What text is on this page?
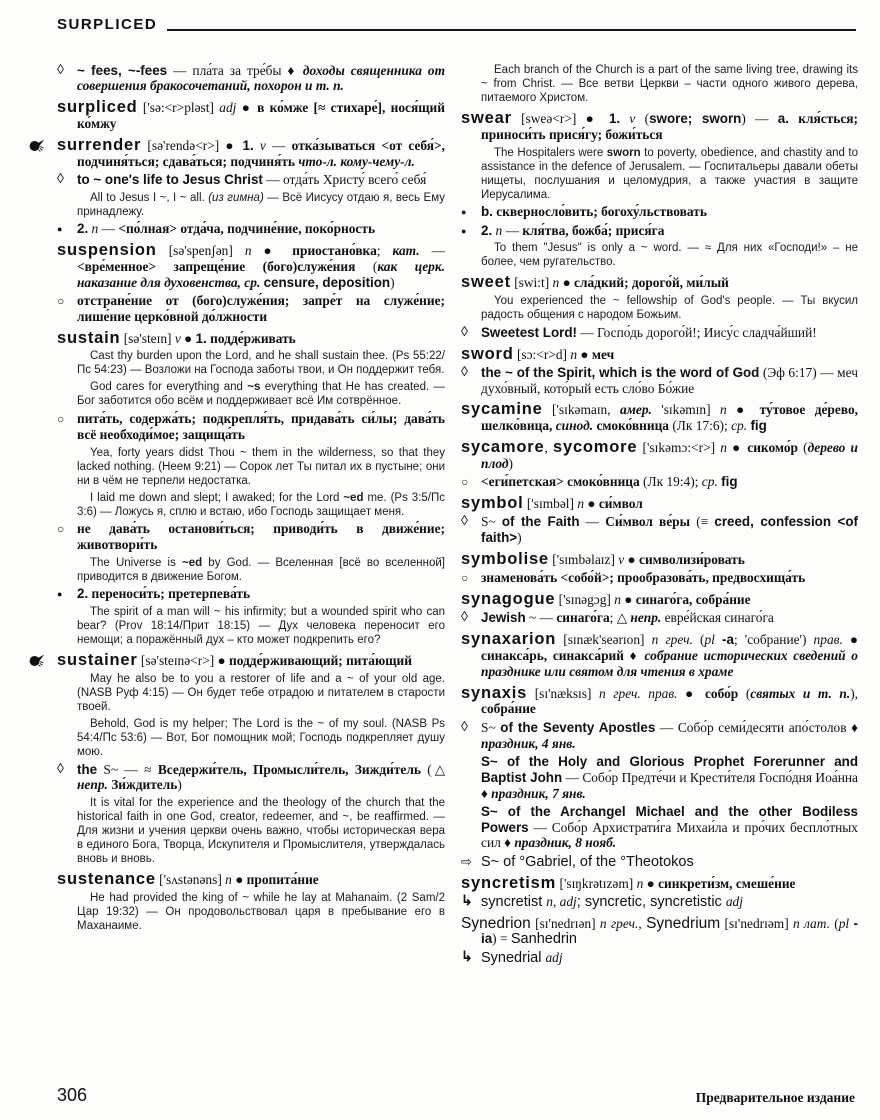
SURPLICED
◊ ~ fees, ~-fees — пла́та за тре́бы ♦ доходы священника от совершения бракосочетаний, похорон и т. п.
surpliced ['sə:<r>pləst] adj ● в ко́мже [≈ стихаре́], нося́щий ко́мжу
surrender [sə'rendə<r>] ● 1. v — отка́зываться <от себя́>, подчиня́ться; сдава́ться; подчиня́ть что-л. кому-чему-л.
◊ to ~ one's life to Jesus Christ — отда́ть Христу́ всего́ себя́
All to Jesus I ~, I ~ all. (из гимна) — Всё Иисусу отдаю я, весь Ему принадлежу.
● 2. n — <по́лная> отда́ча, подчине́ние, поко́рность
suspension [sə'spenʃən] n ● приостано́вка; кат. — <вре́менное> запреще́ние (бого)служе́ния (как церк. наказание для духовенства, ср. censure, deposition)
○ отстране́ние от (бого)служе́ния; запре́т на служе́ние; лише́ние церко́вной до́лжности
sustain [sə'steɪn] v ● 1. подде́рживать
Cast thy burden upon the Lord, and he shall sustain thee. (Ps 55:22/Пс 54:23) — Возложи на Господа заботы твои, и Он поддержит тебя.
God cares for everything and ~s everything that He has created. — Бог заботится обо всём и поддерживает всё Им сотврённое.
○ пита́ть, содержа́ть; подкрепля́ть, придава́ть си́лы; дава́ть всё необходи́мое; защища́ть
Yea, forty years didst Thou ~ them in the wilderness, so that they lacked nothing. (Неем 9:21) — Сорок лет Ты питал их в пустыне; они ни в чём не терпели недостатка.
I laid me down and slept; I awaked; for the Lord ~ed me. (Ps 3:5/Пс 3:6) — Ложусь я, сплю и встаю, ибо Господь защищает меня.
○ не дава́ть останови́ться; приводи́ть в движе́ние; животвори́ть
The Universe is ~ed by God. — Вселенная [всё во вселенной] приводится в движение Богом.
● 2. переноси́ть; претерпева́ть
The spirit of a man will ~ his infirmity; but a wounded spirit who can bear? (Prov 18:14/Прит 18:15) — Дух человека переносит его немощи; а поражённый дух – кто может подкрепить его?
sustainer [sə'steɪnə<r>] ● подде́рживающий; пита́ющий
May he also be to you a restorer of life and a ~ of your old age. (NASB Руф 4:15) — Он будет тебе отрадою и питателем в старости твоей.
Behold, God is my helper; The Lord is the ~ of my soul. (NASB Ps 54:4/Пс 53:6) — Вот, Бог помощник мой; Господь подкрепляет душу мою.
◊ the S~ — ≈ Вседержи́тель, Промысли́тель, Зижди́тель (△ непр. Зи́ждитель)
It is vital for the experience and the theology of the church that the historical faith in one God, creator, redeemer, and ~, be reaffirmed. — Для жизни и учения церкви очень важно, чтобы историческая вера в единого Бога, Творца, Искупителя и Промыслителя, утверждалась вновь и вновь.
sustenance ['sʌstənəns] n ● пропита́ние
He had provided the king of ~ while he lay at Mahanaim. (2 Sam/2 Цар 19:32) — Он продовольствовал царя в пребывание его в Маханаиме.
Each branch of the Church is a part of the same living tree, drawing its ~ from Christ. — Все ветви Церкви – части одного живого дерева, питаемого Христом.
swear [sweə<r>] ● 1. v (swore; sworn) — a. кля́сться; приноси́ть прися́гу; божи́ться
The Hospitalers were sworn to poverty, obedience, and chastity and to assistance in the defence of Jerusalem. — Госпитальеры давали обеты нищеты, послушания и целомудрия, а также участия в защите Иерусалима.
● b. скверносло́вить; богоху́льствовать
● 2. n — кля́тва, божба́; прися́га
To them "Jesus" is only a ~ word. — ≈ Для них «Господи!» – не более, чем ругательство.
sweet [swi:t] n ● сла́дкий; дорого́й, ми́лый
You experienced the ~ fellowship of God's people. — Ты вкусил радость общения с народом Божьим.
◊ Sweetest Lord! — Госпо́дь дорого́й!; Иису́с сладча́йший!
sword [sɔ:<r>d] n ● меч
◊ the ~ of the Spirit, which is the word of God (Эф 6:17) — меч духо́вный, кото́рый есть сло́во Бо́жие
sycamine ['sɪkəmaɪn, амер. 'sɪkəmɪn] n ● ту́товое де́рево, шелко́вица, синод. смоко́вница (Лк 17:6); ср. fig
sycamore, sycomore ['sɪkəmɔ:<r>] n ● сикомо́р (дерево и плод)
○ <еги́петская> смоко́вница (Лк 19:4); ср. fig
symbol ['sɪmbəl] n ● си́мвол
◊ S~ of the Faith — Си́мвол ве́ры (≡ creed, confession <of faith>)
symbolise ['sɪmbəlaɪz] v ● символизи́ровать
○ знаменова́ть <собо́й>; прообразова́ть, предвосхища́ть
synagogue ['sɪnəgɔg] n ● синаго́га, собра́ние
◊ Jewish ~ — синаго́га; △ непр. евре́йская синаго́га
synaxarion [sɪnæk'seərɪon] n греч. (pl -a; 'собрание') прав. ● синакса́рь, синакса́рий ♦ собрание исторических сведений о празднике или святом для чтения в храме
synaxis [sɪ'næksɪs] n греч. прав. ● собо́р (святых и т. п.), собра́ние
◊ S~ of the Seventy Apostles — Собо́р семи́десяти апо́столов ♦ праздник, 4 янв.
S~ of the Holy and Glorious Prophet Forerunner and Baptist John — Собо́р Предте́чи и Крести́теля Госпо́дня Иоа́нна ♦ праздник, 7 янв.
S~ of the Archangel Michael and the other Bodiless Powers — Собо́р Архистрати́га Михаи́ла и про́чих беспло́тных сил ♦ праздник, 8 нояб.
⇨ S~ of °Gabriel, of the °Theotokos
syncretism ['sɪŋkrətɪzəm] n ● синкрети́зм, смеше́ние
↳ syncretist n, adj; syncretic, syncretistic adj
Synedrion [sɪ'nedrɪən] n греч., Synedrium [sɪ'nedrɪəm] n лат. (pl -ia) = Sanhedrin
↳ Synedrial adj
306	Предварительное издание
